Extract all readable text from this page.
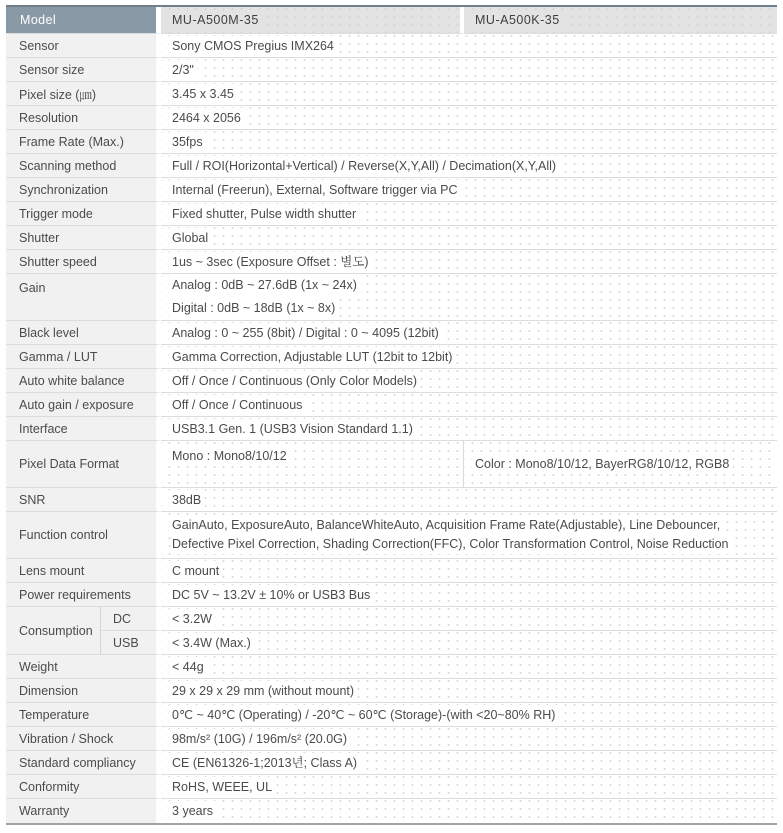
Model		MU-A500M-35	MU-A500K-35
Sensor		Sony CMOS Pregius IMX264	
Sensor size		2/3"	
Pixel size (㎛)		3.45 x 3.45	
Resolution		2464 x 2056	
Frame Rate (Max.)		35fps	
Scanning method		Full / ROI(Horizontal+Vertical) / Reverse(X,Y,All) / Decimation(X,Y,All)	
Synchronization		Internal (Freerun), External, Software trigger via PC	
Trigger mode		Fixed shutter, Pulse width shutter	
Shutter		Global	
Shutter speed		1us ~ 3sec (Exposure Offset : 별도)	
Gain		Analog : 0dB ~ 27.6dB (1x ~ 24x)
Digital : 0dB ~ 18dB (1x ~ 8x)	

Black level		Analog : 0 ~ 255 (8bit) / Digital : 0 ~ 4095 (12bit)	
Gamma / LUT		Gamma Correction, Adjustable LUT (12bit to 12bit)	
Auto white balance		Off / Once / Continuous (Only Color Models)	
Auto gain / exposure		Off / Once / Continuous	
Interface		USB3.1 Gen. 1 (USB3 Vision Standard 1.1)	
Pixel Data Format		Mono : Mono8/10/12	Color : Mono8/10/12, BayerRG8/10/12, RGB8
SNR		38dB	
Function control		GainAuto, ExposureAuto, BalanceWhiteAuto, Acquisition Frame Rate(Adjustable), Line Debouncer, Defective Pixel Correction, Shading Correction(FFC), Color Transformation Control, Noise Reduction	
Lens mount		C mount	
Power requirements		DC 5V ~ 13.2V ± 10% or USB3 Bus	
Consumption	DC	< 3.2W	
	USB	< 3.4W (Max.)	
Weight		< 44g	
Dimension		29 x 29 x 29 mm (without mount)	
Temperature		0℃ ~ 40℃ (Operating) / -20℃ ~ 60℃ (Storage)-(with <20~80% RH)	
Vibration / Shock		98m/s² (10G) / 196m/s² (20.0G)	
Standard compliancy		CE (EN61326-1;2013년; Class A)	
Conformity		RoHS, WEEE, UL	
Warranty		3 years	
